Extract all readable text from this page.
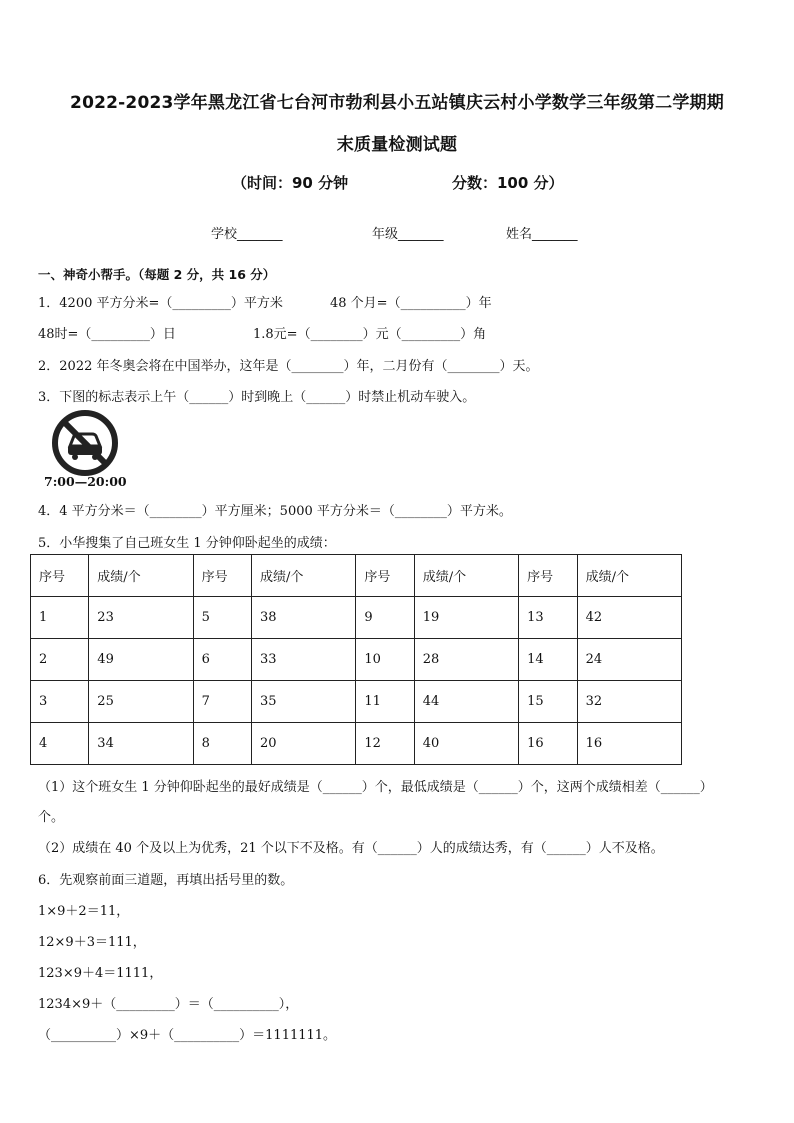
2022-2023学年黑龙江省七台河市勃利县小五站镇庆云村小学数学三年级第二学期期
末质量检测试题
（时间：90 分钟	分数：100 分）
学校_______	年级_______	姓名_______
一、神奇小帮手。（每题 2 分，共 16 分）
1．4200 平方分米=（_________）平方米	48 个月=（__________）年
48时=（_________）日	1.8元=（________）元（_________）角
2．2022 年冬奥会将在中国举办，这年是（________）年，二月份有（________）天。
3．下图的标志表示上午（______）时到晚上（______）时禁止机动车驶入。
7:00—20:00
4．4 平方分米＝（________）平方厘米；5000 平方分米＝（________）平方米。
5．小华搜集了自己班女生 1 分钟仰卧起坐的成绩：
序号	成绩/个	序号	成绩/个	序号	成绩/个	序号	成绩/个
1	23	5	38	9	19	13	42
2	49	6	33	10	28	14	24
3	25	7	35	11	44	15	32
4	34	8	20	12	40	16	16
（1）这个班女生 1 分钟仰卧起坐的最好成绩是（______）个，最低成绩是（______）个，这两个成绩相差（______）
个。
（2）成绩在 40 个及以上为优秀，21 个以下不及格。有（______）人的成绩达秀，有（______）人不及格。
6．先观察前面三道题，再填出括号里的数。
1×9＋2＝11，
12×9＋3＝111，
123×9＋4＝1111，
1234×9＋（_________）＝（__________），
（__________）×9＋（__________）＝1111111。
